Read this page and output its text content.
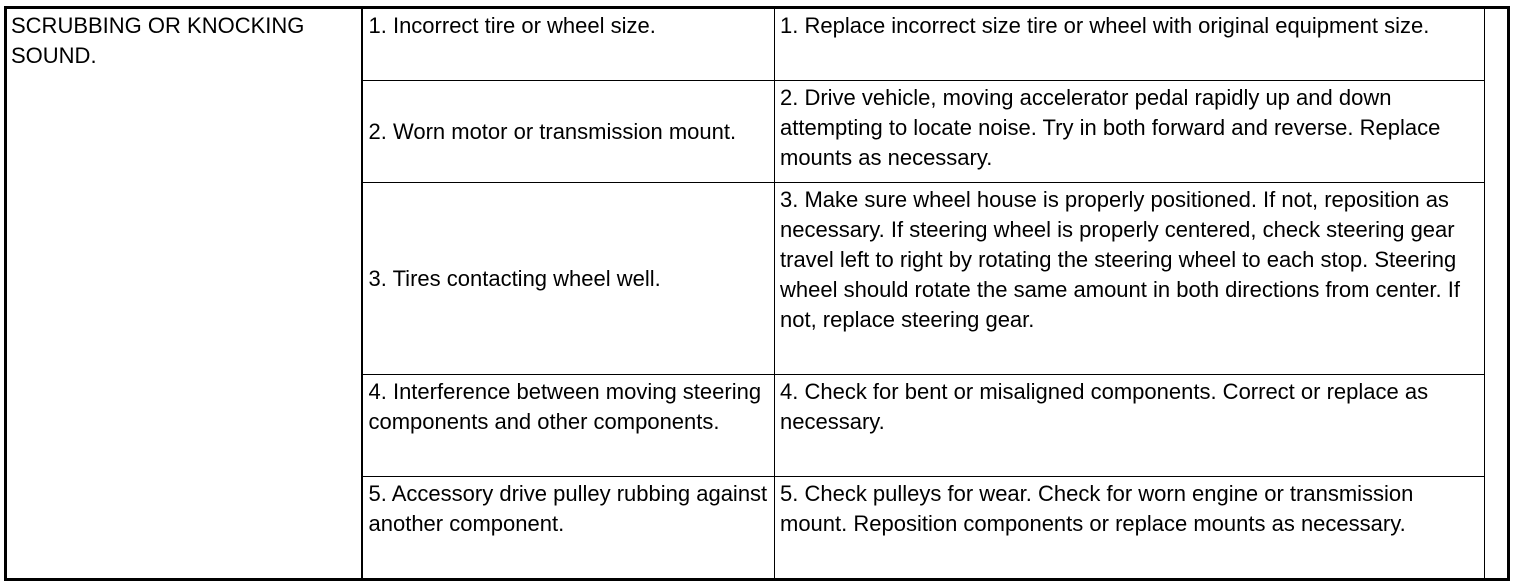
SCRUBBING OR KNOCKING SOUND.	1. Incorrect tire or wheel size.	1. Replace incorrect size tire or wheel with original equipment size.	
	2. Worn motor or transmission mount.	2. Drive vehicle, moving accelerator pedal rapidly up and down attempting to locate noise. Try in both forward and reverse. Replace mounts as necessary.	
	3. Tires contacting wheel well.	3. Make sure wheel house is properly positioned. If not, reposition as necessary. If steering wheel is properly centered, check steering gear travel left to right by rotating the steering wheel to each stop. Steering wheel should rotate the same amount in both directions from center. If not, replace steering gear.	
	4. Interference between moving steering components and other components.	4. Check for bent or misaligned components. Correct or replace as necessary.	
	5. Accessory drive pulley rubbing against another component.	5. Check pulleys for wear. Check for worn engine or transmission mount. Reposition components or replace mounts as necessary.	
